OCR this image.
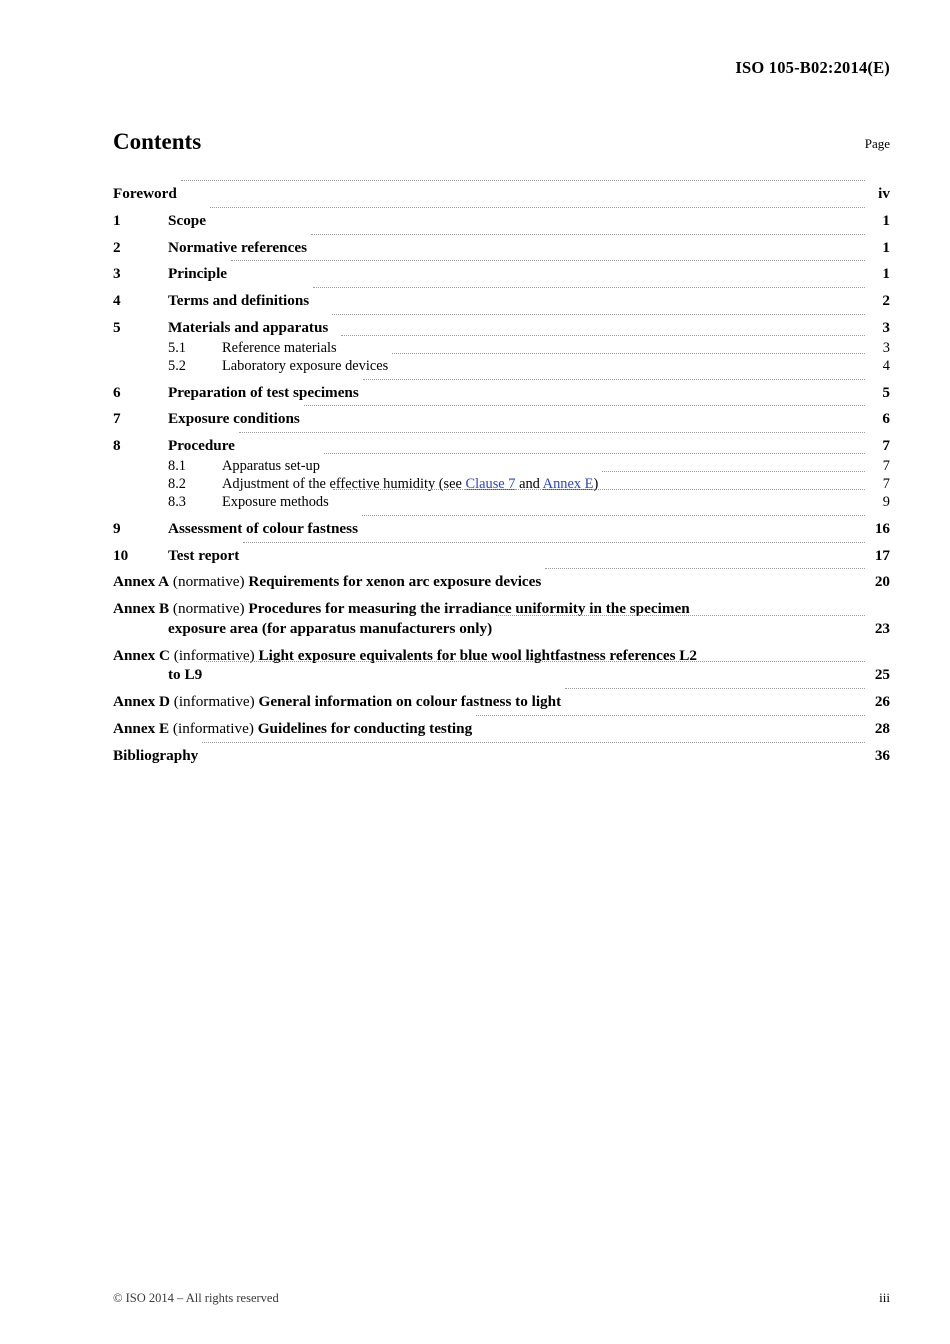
ISO 105-B02:2014(E)
Contents	Page
Foreword	iv
1	Scope	1
2	Normative references	1
3	Principle	1
4	Terms and definitions	2
5	Materials and apparatus	3
5.1	Reference materials	3
5.2	Laboratory exposure devices	4
6	Preparation of test specimens	5
7	Exposure conditions	6
8	Procedure	7
8.1	Apparatus set-up	7
8.2	Adjustment of the effective humidity (see Clause 7 and Annex E)	7
8.3	Exposure methods	9
9	Assessment of colour fastness	16
10	Test report	17
Annex A (normative) Requirements for xenon arc exposure devices	20
Annex B (normative) Procedures for measuring the irradiance uniformity in the specimen
exposure area (for apparatus manufacturers only)	23
Annex C (informative) Light exposure equivalents for blue wool lightfastness references L2
to L9	25
Annex D (informative) General information on colour fastness to light	26
Annex E (informative) Guidelines for conducting testing	28
Bibliography	36
© ISO 2014 – All rights reserved	iii
